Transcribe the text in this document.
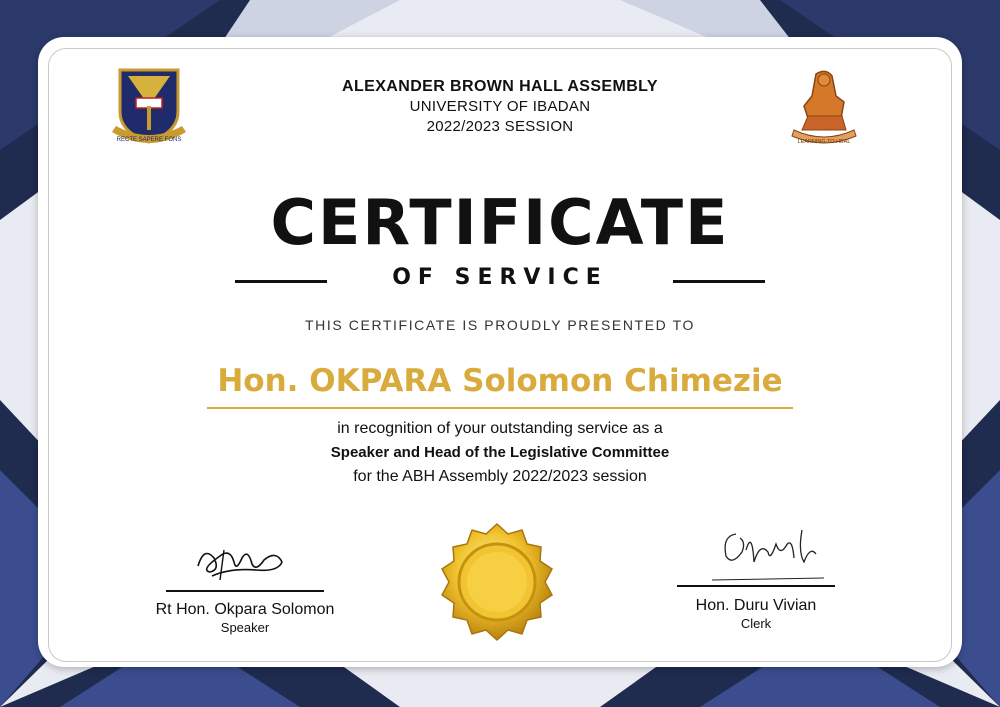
RECTE SAPERE FONS	LEARNING TO HEAL
ALEXANDER BROWN HALL ASSEMBLY
UNIVERSITY OF IBADAN
2022/2023 SESSION
CERTIFICATE
OF SERVICE
THIS CERTIFICATE IS PROUDLY PRESENTED TO
Hon. OKPARA Solomon Chimezie
in recognition of your outstanding service as a
Speaker and Head of the Legislative Committee
for the ABH Assembly 2022/2023 session
Rt Hon. Okpara Solomon
Speaker
Hon. Duru Vivian
Clerk
